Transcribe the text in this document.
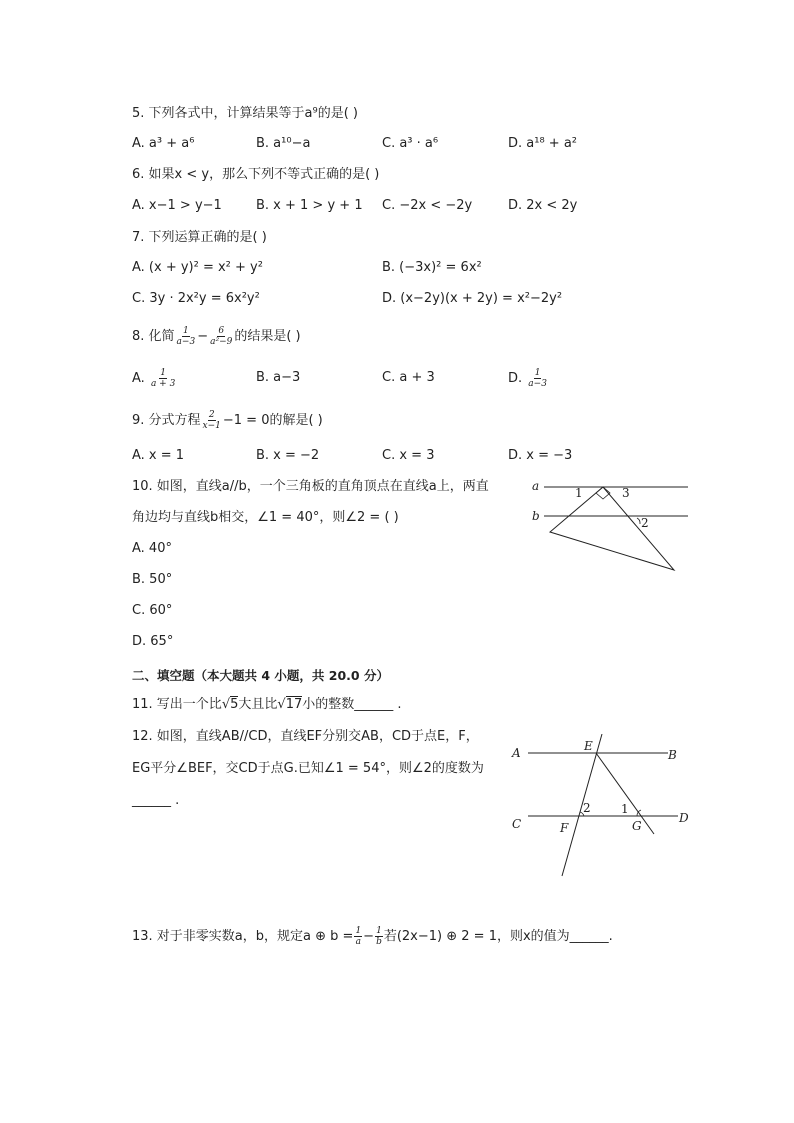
5. 下列各式中，计算结果等于a⁹的是( )
A. a³ + a⁶	B. a¹⁰−a	C. a³ · a⁶	D. a¹⁸ + a²
6. 如果x < y，那么下列不等式正确的是( )
A. x−1 > y−1	B. x + 1 > y + 1 C. −2x < −2y	D. 2x < 2y
7. 下列运算正确的是( )
A. (x + y)² = x² + y²	B. (−3x)² = 6x²
C. 3y · 2x²y = 6x²y²	D. (x−2y)(x + 2y) = x²−2y²
8. 化简 $\frac{1}{a-3} - \frac{6}{\text{a²−9}}$ 的结果是( )
A. $\frac{1}{a + 3}$	B. a−3	C. a + 3	D. $\frac{1}{a-3}$
9. 分式方程 $\frac{2}{x-1} -1 = 0$的解是( )
A. x = 1	B. x = −2	C. x = 3	D. x = −3
10. 如图，直线a//b，一个三角板的直角顶点在直线a上，两直
角边均与直线b相交，∠1 = 40°，则∠2 = ( )
A. 40°
B. 50°
C. 60°
D. 65°
a
b
1	3
2
二、填空题（本大题共 4 小题，共 20.0 分）
11. 写出一个比√5大且比√17小的整数______ .
12. 如图，直线AB//CD，直线EF分别交AB，CD于点E，F，
EG平分∠BEF，交CD于点G.已知∠1 = 54°，则∠2的度数为
______ .
A	B
C	D
E
F	G
1
2
13. 对于非零实数a，b，规定a ⊕ $b = \frac{1}{a} - \frac{1}{b}$ 若(2x−1) ⊕ 2 = 1，则x的值为______.
